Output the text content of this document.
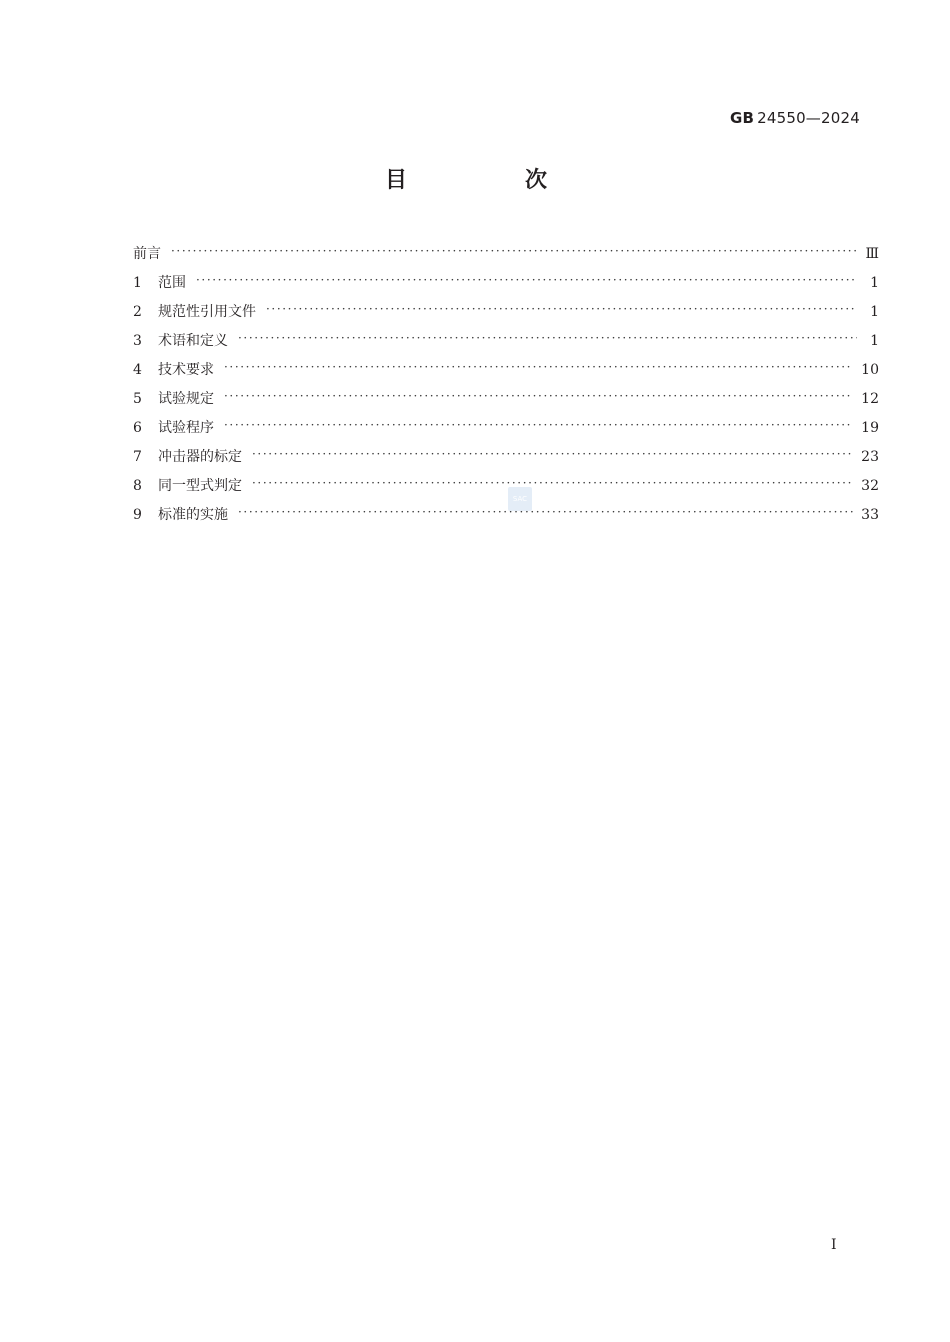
GB 24550—2024
目　次
前言 ·····	Ⅲ
1	范围 ·····	1
2	规范性引用文件 ·····	1
3	术语和定义 ·····	1
4	技术要求 ·····	10
5	试验规定 ·····	12
6	试验程序 ·····	19
7	冲击器的标定 ·····	23
8	同一型式判定 ·····	32
9	标准的实施 ·····	33
SAC
Ⅰ
